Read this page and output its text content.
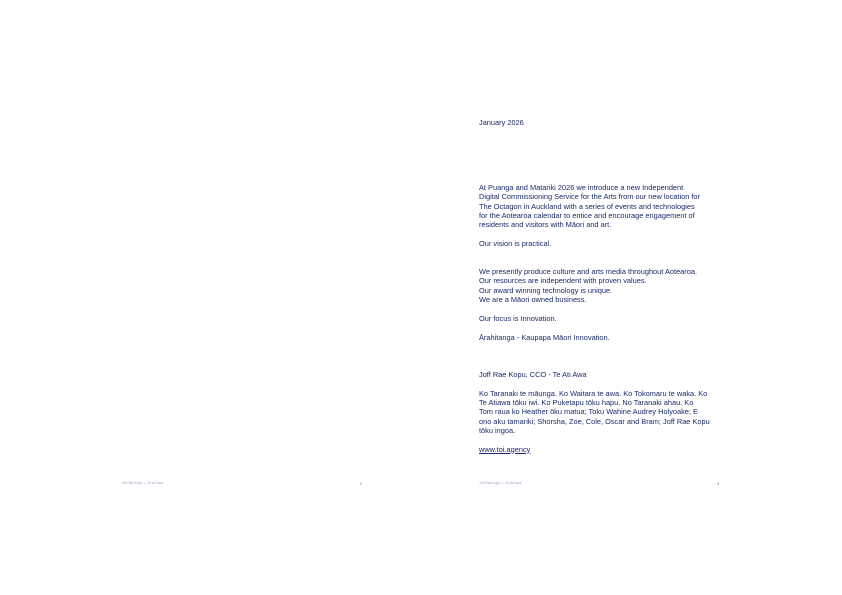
Joff Rae Kopu — Te Ati Awa	2

January 2026

At Puanga and Matariki 2026 we introduce a new Independent

Digital Commissioning Service for the Arts from our new location for

The Octagon in Auckland with a series of events and technologies

for the Aotearoa calendar to entice and encourage engagement of

residents and visitors with Māori and art.

Our vision is practical.

We presently produce culture and arts media throughout Aotearoa.

Our resources are independent with proven values.

Our award winning technology is unique.

We are a Māori owned business.

Our focus is Innovation.

Ārahitanga - Kaupapa Māori Innovation.

Joff Rae Kopu, CCO - Te Ati Awa

Ko Taranaki te māunga. Ko Waitara te awa. Ko Tokomaru te waka. Ko

Te Atiawa tōku iwi. Ko Puketapu tōku hapu. No Taranaki ahau. Ko

Tom raua ko Heather ōku matua; Toku Wahine Audrey Holyoake; E

ono aku tamariki; Shorsha, Zoe, Cole, Oscar and Bram; Joff Rae Kopu

tōku ingoa.

www.toi.agency

Joff Rae Kopu — Te Ati Awa	3
